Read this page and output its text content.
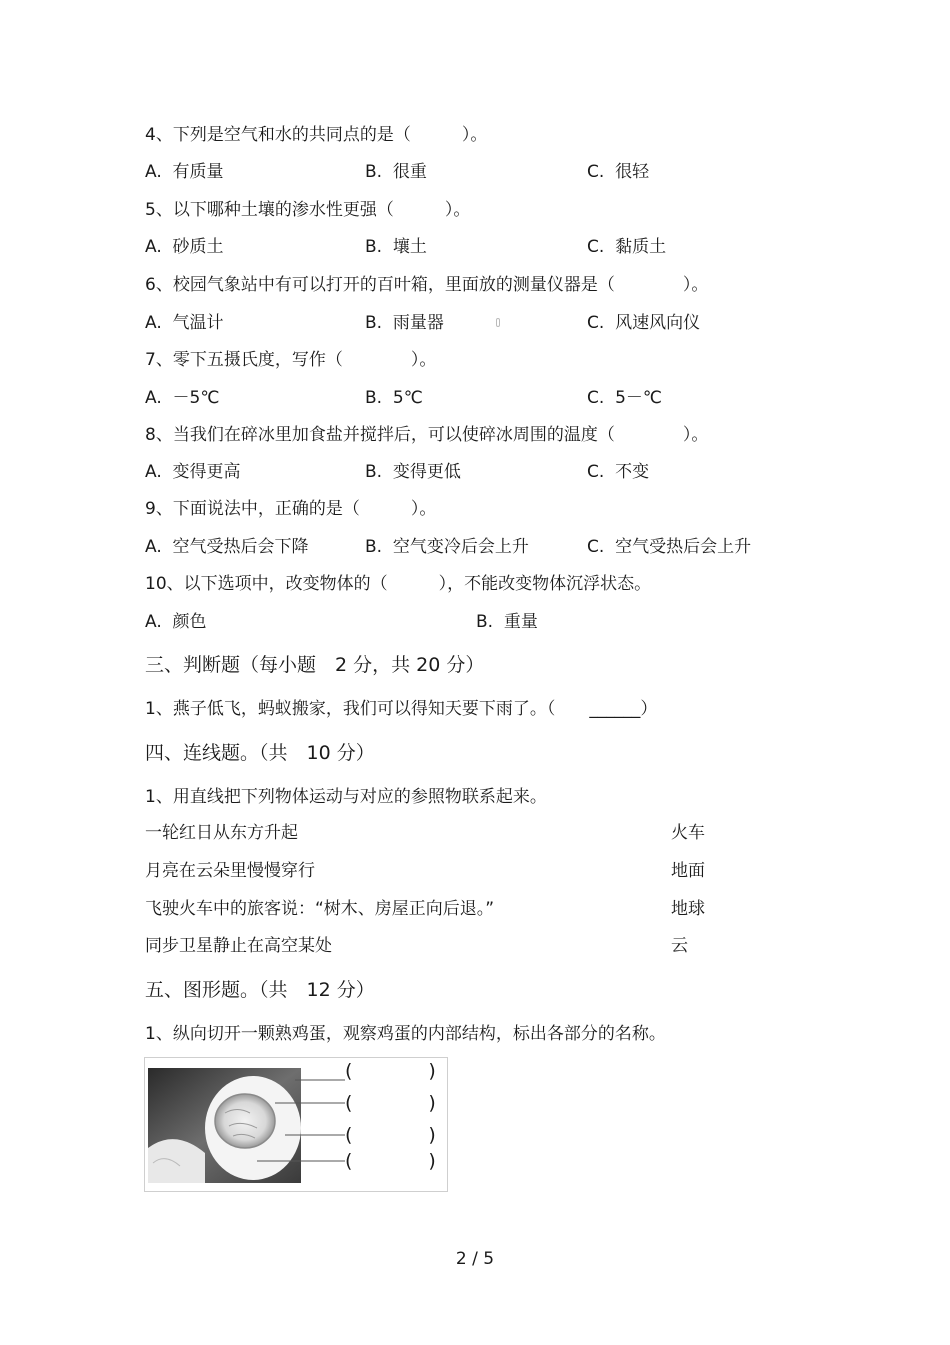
4、下列是空气和水的共同点的是（　　　）。
A.  有质量	B.  很重	C.  很轻
5、以下哪种土壤的渗水性更强（　　　）。
A.  砂质土	B.  壤土	C.  黏质土
6、校园气象站中有可以打开的百叶箱，里面放的测量仪器是（　　　　）。
A.  气温计	B.  雨量器	C.  风速风向仪
7、零下五摄氏度，写作（　　　　）。
A.  －5℃	B.  5℃	C.  5－℃
8、当我们在碎冰里加食盐并搅拌后，可以使碎冰周围的温度（　　　　）。
A.  变得更高	B.  变得更低	C.  不变
9、下面说法中，正确的是（　　　）。
A.  空气受热后会下降	B.  空气变冷后会上升	C.  空气受热后会上升
10、以下选项中，改变物体的（　　　），不能改变物体沉浮状态。
A.  颜色	B.  重量
三、判断题（每小题　2 分，共 20 分）
1、燕子低飞，蚂蚁搬家，我们可以得知天要下雨了。（　　______）
四、连线题。（共　10 分）
1、用直线把下列物体运动与对应的参照物联系起来。
一轮红日从东方升起	火车
月亮在云朵里慢慢穿行	地面
飞驶火车中的旅客说：“树木、房屋正向后退。”	地球
同步卫星静止在高空某处	云
五、图形题。（共　12 分）
1、纵向切开一颗熟鸡蛋，观察鸡蛋的内部结构，标出各部分的名称。
(　　　　)
(　　　　)
(　　　　)
(　　　　)
2 / 5
